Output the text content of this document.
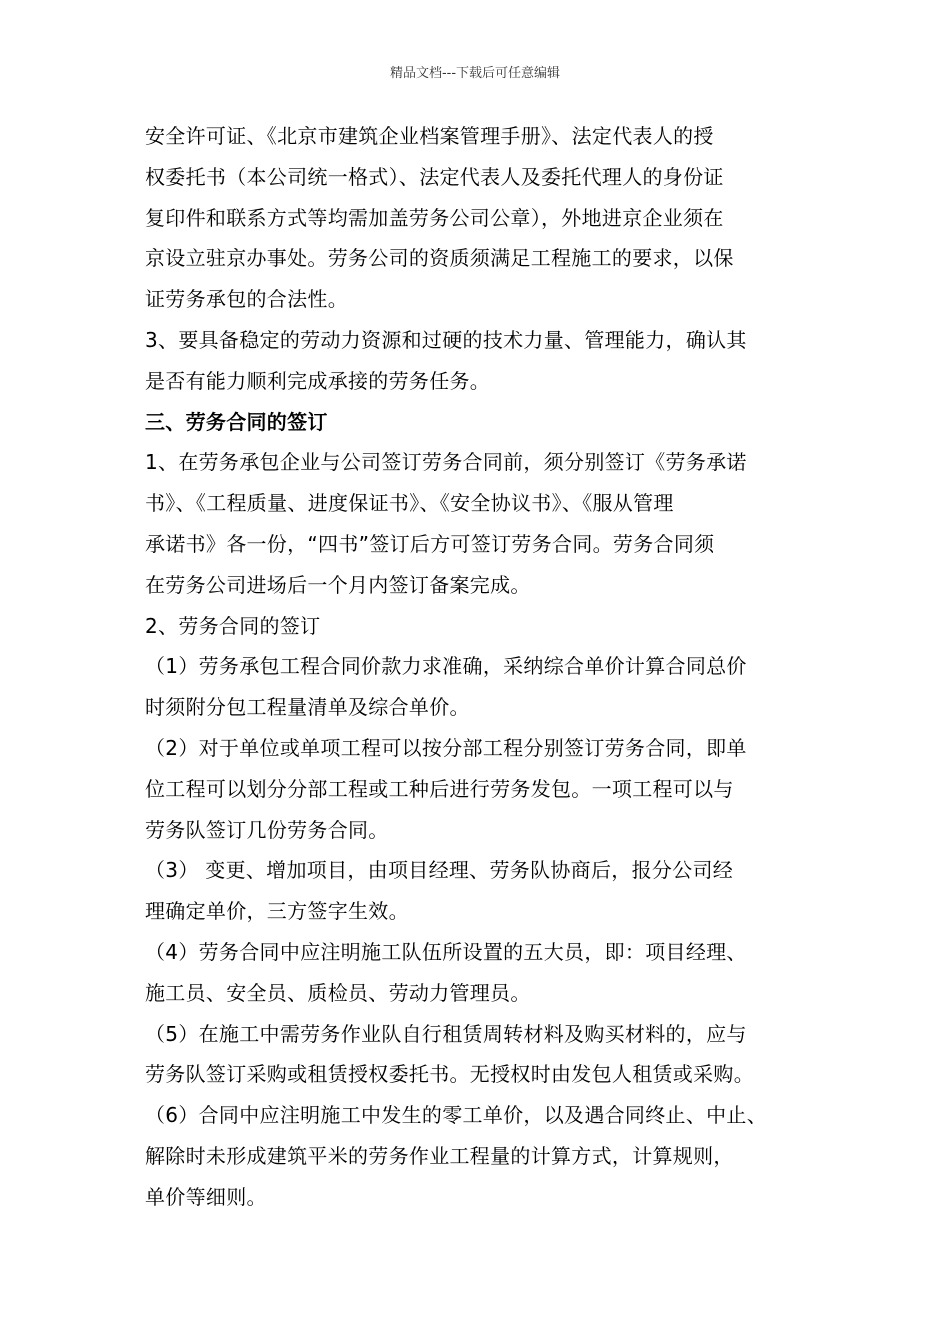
精品文档---下载后可任意编辑
安全许可证、《北京市建筑企业档案管理手册》、法定代表人的授
权委托书（本公司统一格式）、法定代表人及委托代理人的身份证
复印件和联系方式等均需加盖劳务公司公章），外地进京企业须在
京设立驻京办事处。劳务公司的资质须满足工程施工的要求，以保
证劳务承包的合法性。
3、要具备稳定的劳动力资源和过硬的技术力量、管理能力，确认其
是否有能力顺利完成承接的劳务任务。
三、劳务合同的签订
1、在劳务承包企业与公司签订劳务合同前，须分别签订《劳务承诺
书》、《工程质量、进度保证书》、《安全协议书》、《服从管理
承诺书》各一份，“四书”签订后方可签订劳务合同。劳务合同须
在劳务公司进场后一个月内签订备案完成。
2、劳务合同的签订
（1）劳务承包工程合同价款力求准确，采纳综合单价计算合同总价
时须附分包工程量清单及综合单价。
（2）对于单位或单项工程可以按分部工程分别签订劳务合同，即单
位工程可以划分分部工程或工种后进行劳务发包。一项工程可以与
劳务队签订几份劳务合同。
（3） 变更、增加项目，由项目经理、劳务队协商后，报分公司经
理确定单价，三方签字生效。
（4）劳务合同中应注明施工队伍所设置的五大员，即：项目经理、
施工员、安全员、质检员、劳动力管理员。
（5）在施工中需劳务作业队自行租赁周转材料及购买材料的，应与
劳务队签订采购或租赁授权委托书。无授权时由发包人租赁或采购。
（6）合同中应注明施工中发生的零工单价，以及遇合同终止、中止、
解除时未形成建筑平米的劳务作业工程量的计算方式，计算规则，
单价等细则。
